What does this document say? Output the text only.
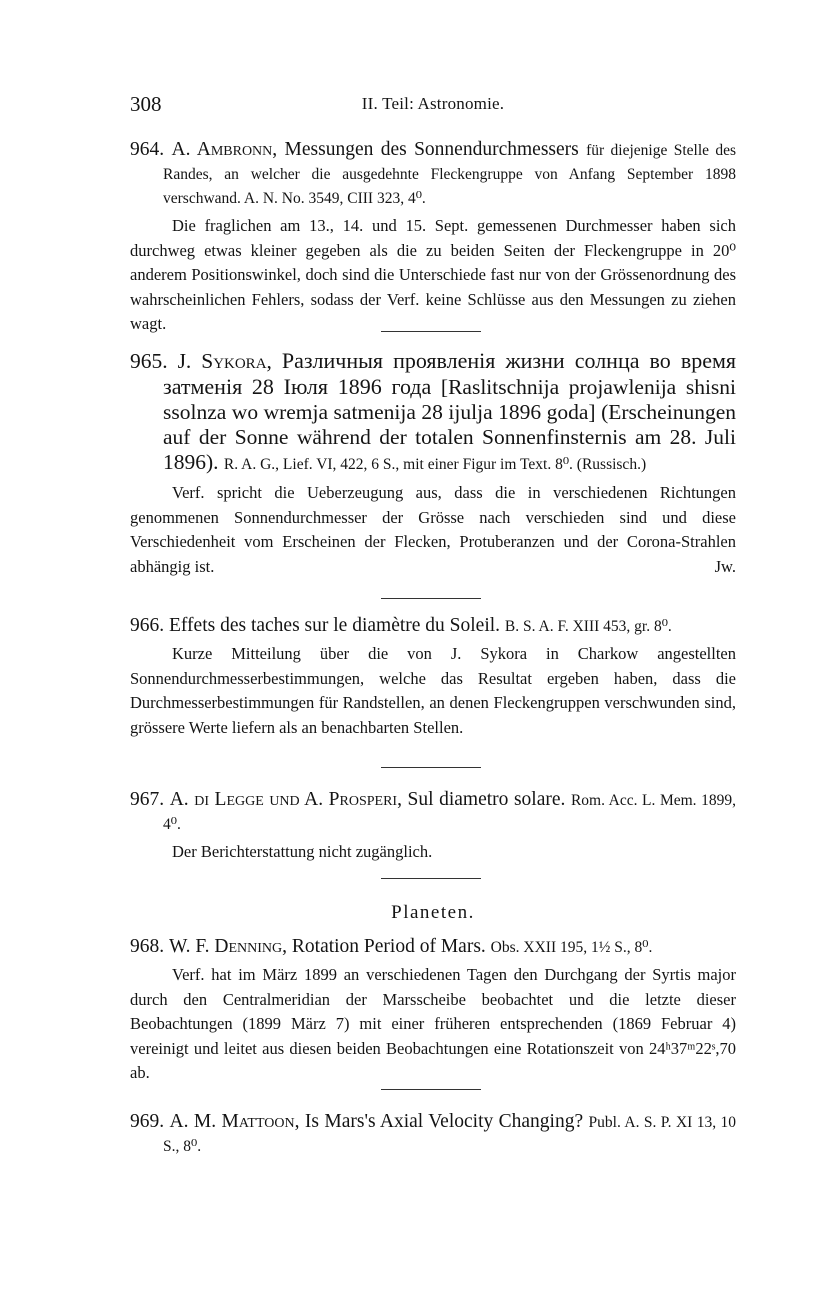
308	II. Teil: Astronomie.

964. A. Ambronn, Messungen des Sonnendurchmessers für diejenige Stelle des Randes, an welcher die ausgedehnte Fleckengruppe von Anfang September 1898 verschwand. A. N. No. 3549, CIII 323, 4⁰.

Die fraglichen am 13., 14. und 15. Sept. gemessenen Durchmesser haben sich durchweg etwas kleiner gegeben als die zu beiden Seiten der Fleckengruppe in 20⁰ anderem Positionswinkel, doch sind die Unterschiede fast nur von der Grössenordnung des wahrscheinlichen Fehlers, sodass der Verf. keine Schlüsse aus den Messungen zu ziehen wagt.

965. J. Sykora, Различныя проявленія жизни солнца во время затменія 28 Іюля 1896 года [Raslitschnija projawlenija shisni ssolnza wo wremja satmenija 28 ijulja 1896 goda] (Erscheinungen auf der Sonne während der totalen Sonnenfinsternis am 28. Juli 1896). R. A. G., Lief. VI, 422, 6 S., mit einer Figur im Text. 8⁰. (Russisch.)

Verf. spricht die Ueberzeugung aus, dass die in verschiedenen Richtungen genommenen Sonnendurchmesser der Grösse nach verschieden sind und diese Verschiedenheit vom Erscheinen der Flecken, Protuberanzen und der Corona-Strahlen abhängig ist.	Jw.

966. Effets des taches sur le diamètre du Soleil. B. S. A. F. XIII 453, gr. 8⁰.

Kurze Mitteilung über die von J. Sykora in Charkow angestellten Sonnendurchmesserbestimmungen, welche das Resultat ergeben haben, dass die Durchmesserbestimmungen für Randstellen, an denen Fleckengruppen verschwunden sind, grössere Werte liefern als an benachbarten Stellen.

967. A. di Legge und A. Prosperi, Sul diametro solare. Rom. Acc. L. Mem. 1899, 4⁰.

Der Berichterstattung nicht zugänglich.

Planeten.

968. W. F. Denning, Rotation Period of Mars. Obs. XXII 195, 1½ S., 8⁰.

Verf. hat im März 1899 an verschiedenen Tagen den Durchgang der Syrtis major durch den Centralmeridian der Marsscheibe beobachtet und die letzte dieser Beobachtungen (1899 März 7) mit einer früheren entsprechenden (1869 Februar 4) vereinigt und leitet aus diesen beiden Beobachtungen eine Rotationszeit von 24ʰ37ᵐ22ˢ,70 ab.

969. A. M. Mattoon, Is Mars's Axial Velocity Changing? Publ. A. S. P. XI 13, 10 S., 8⁰.
